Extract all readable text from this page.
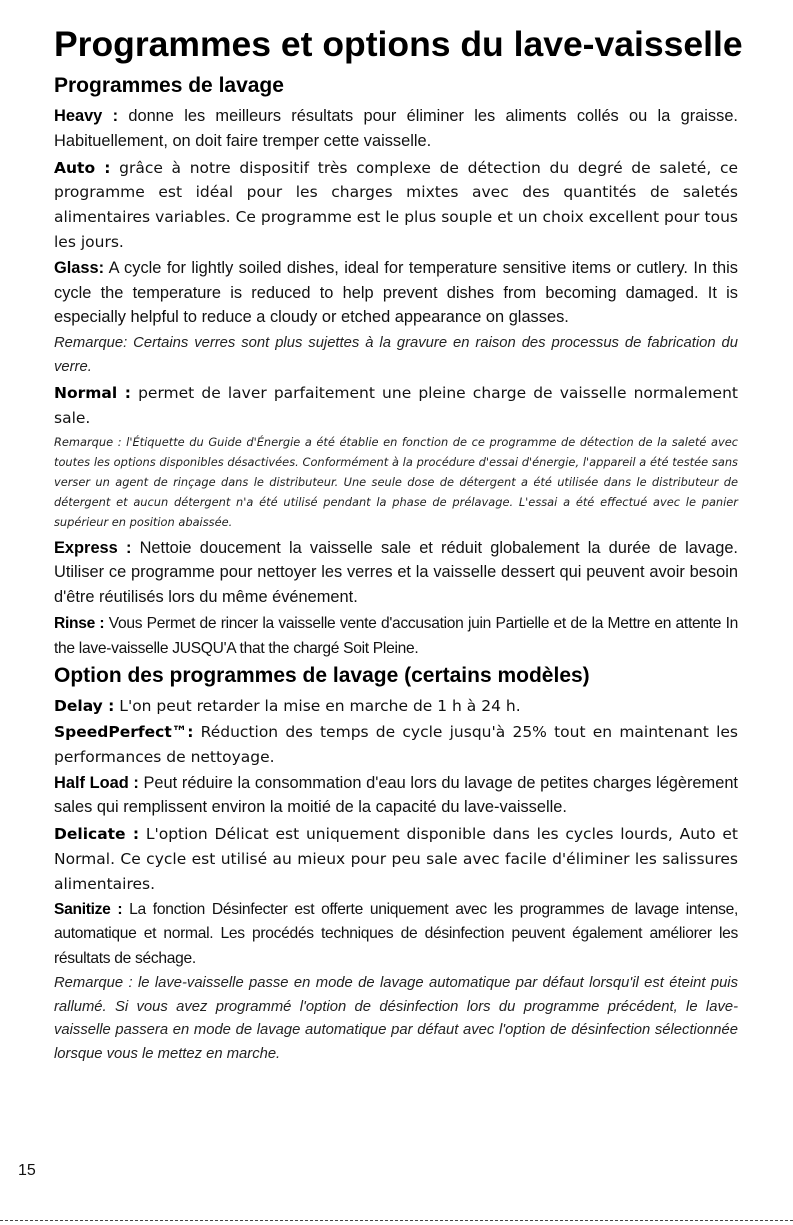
Programmes et options du lave-vaisselle
Programmes de lavage

Heavy : donne les meilleurs résultats pour éliminer les aliments collés ou la graisse. Habituellement, on doit faire tremper cette vaisselle.

Auto : grâce à notre dispositif très complexe de détection du degré de saleté, ce programme est idéal pour les charges mixtes avec des quantités de saletés alimentaires variables. Ce programme est le plus souple et un choix excellent pour tous les jours.

Glass: A cycle for lightly soiled dishes, ideal for temperature sensitive items or cutlery. In this cycle the temperature is reduced to help prevent dishes from becoming damaged. It is especially helpful to reduce a cloudy or etched appearance on glasses.

Remarque: Certains verres sont plus sujettes à la gravure en raison des processus de fabrication du verre.

Normal : permet de laver parfaitement une pleine charge de vaisselle normalement sale.

Remarque : l'Étiquette du Guide d'Énergie a été établie en fonction de ce programme de détection de la saleté avec toutes les options disponibles désactivées. Conformément à la procédure d'essai d'énergie, l'appareil a été testée sans verser un agent de rinçage dans le distributeur. Une seule dose de détergent a été utilisée dans le distributeur de détergent et aucun détergent n'a été utilisé pendant la phase de prélavage. L'essai a été effectué avec le panier supérieur en position abaissée.

Express : Nettoie doucement la vaisselle sale et réduit globalement la durée de lavage. Utiliser ce programme pour nettoyer les verres et la vaisselle dessert qui peuvent avoir besoin d'être réutilisés lors du même événement.

Rinse : Vous Permet de rincer la vaisselle vente d'accusation juin Partielle et de la Mettre en attente In the lave-vaisselle JUSQU'A that the chargé Soit Pleine.

Option des programmes de lavage (certains modèles)

Delay : L'on peut retarder la mise en marche de 1 h à 24 h.

SpeedPerfect™: Réduction des temps de cycle jusqu'à 25% tout en maintenant les performances de nettoyage.

Half Load : Peut réduire la consommation d'eau lors du lavage de petites charges légèrement sales qui remplissent environ la moitié de la capacité du lave-vaisselle.

Delicate : L'option Délicat est uniquement disponible dans les cycles lourds, Auto et Normal. Ce cycle est utilisé au mieux pour peu sale avec facile d'éliminer les salissures alimentaires.

Sanitize : La fonction Désinfecter est offerte uniquement avec les programmes de lavage intense, automatique et normal. Les procédés techniques de désinfection peuvent également améliorer les résultats de séchage.

Remarque : le lave-vaisselle passe en mode de lavage automatique par défaut lorsqu'il est éteint puis rallumé. Si vous avez programmé l'option de désinfection lors du programme précédent, le lave-vaisselle passera en mode de lavage automatique par défaut avec l'option de désinfection sélectionnée lorsque vous le mettez en marche.

15
